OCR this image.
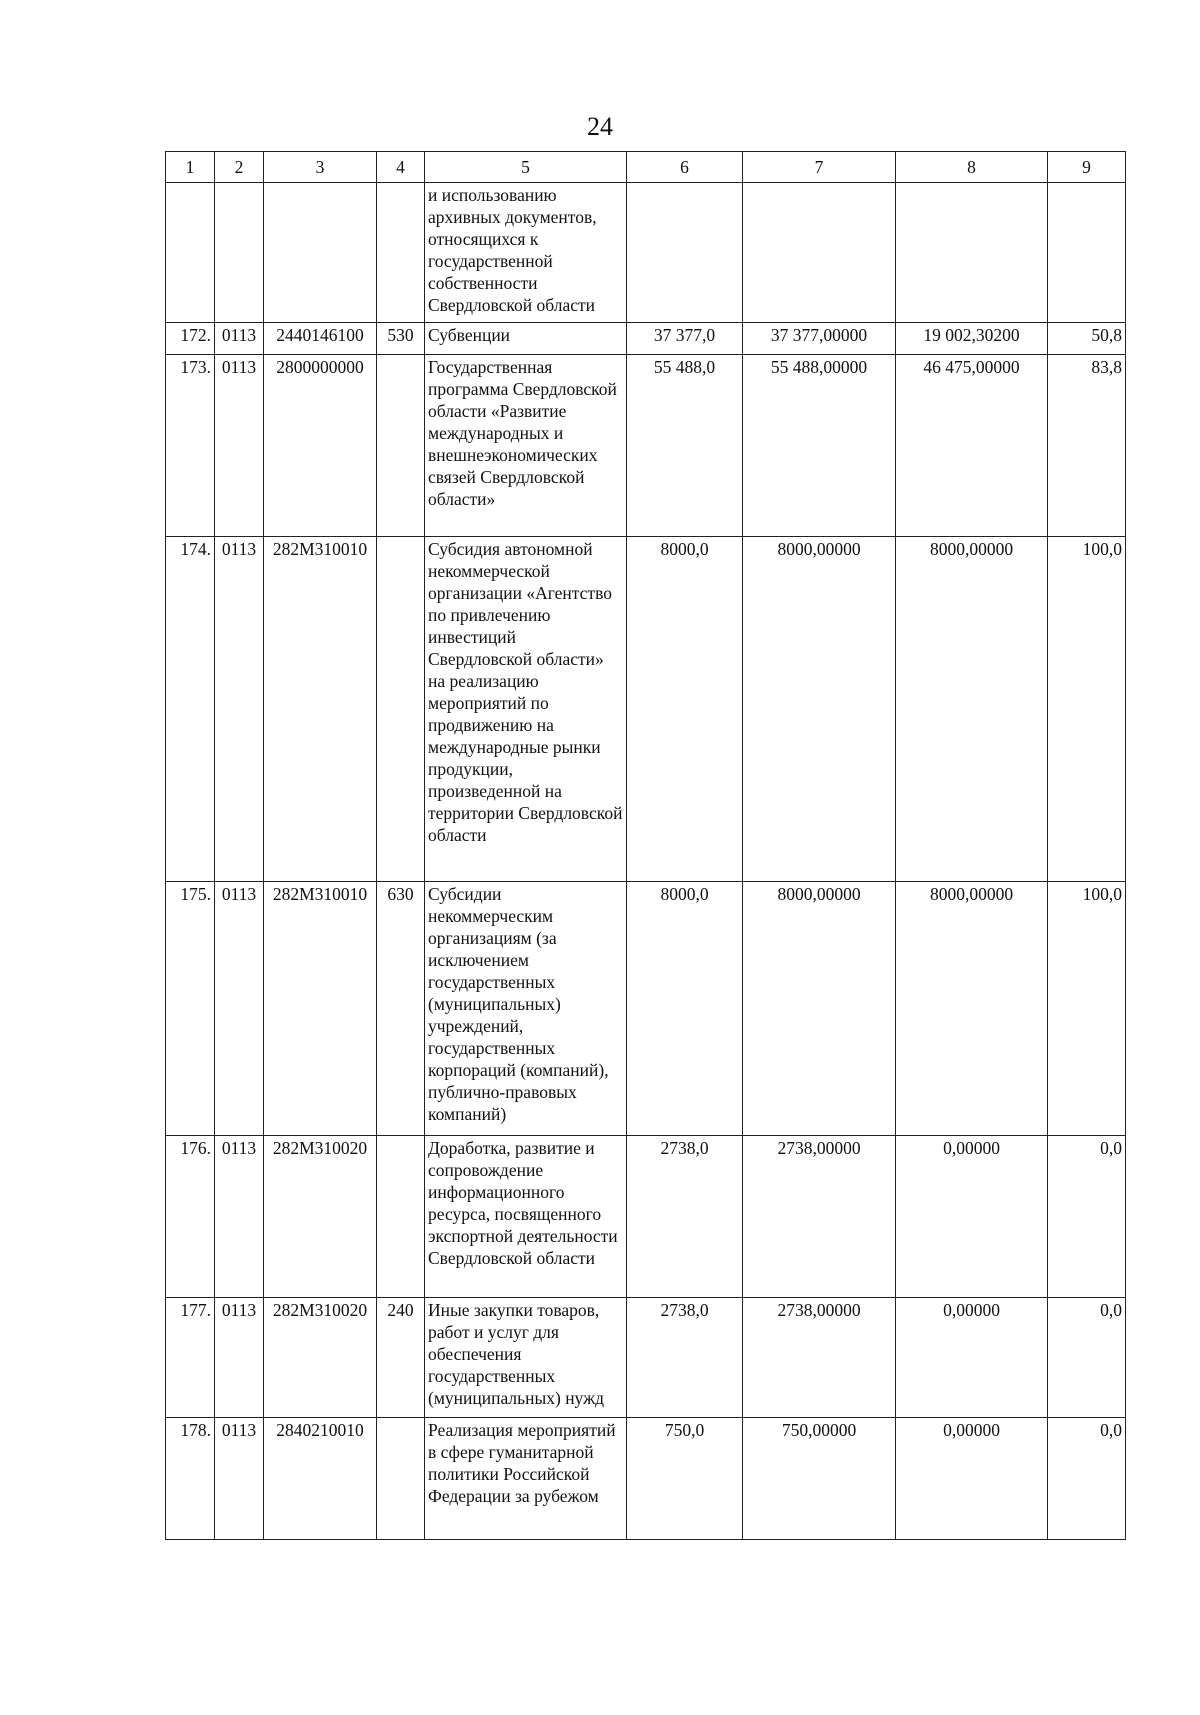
24
1	2	3	4	5	6	7	8	9
				и использованию архивных документов, относящихся к государственной собственности Свердловской области				
172.	0113	2440146100	530	Субвенции	37 377,0	37 377,00000	19 002,30200	50,8
173.	0113	2800000000		Государственная программа Свердловской области «Развитие международных и внешнеэкономических связей Свердловской области»	55 488,0	55 488,00000	46 475,00000	83,8
174.	0113	282M310010		Субсидия автономной некоммерческой организации «Агентство по привлечению инвестиций Свердловской области» на реализацию мероприятий по продвижению на международные рынки продукции, произведенной на территории Свердловской области	8000,0	8000,00000	8000,00000	100,0
175.	0113	282M310010	630	Субсидии некоммерческим организациям (за исключением государственных (муниципальных) учреждений, государственных корпораций (компаний), публично-правовых компаний)	8000,0	8000,00000	8000,00000	100,0
176.	0113	282M310020		Доработка, развитие и сопровождение информационного ресурса, посвященного экспортной деятельности Свердловской области	2738,0	2738,00000	0,00000	0,0
177.	0113	282M310020	240	Иные закупки товаров, работ и услуг для обеспечения государственных (муниципальных) нужд	2738,0	2738,00000	0,00000	0,0
178.	0113	2840210010		Реализация мероприятий в сфере гуманитарной политики Российской Федерации за рубежом	750,0	750,00000	0,00000	0,0
